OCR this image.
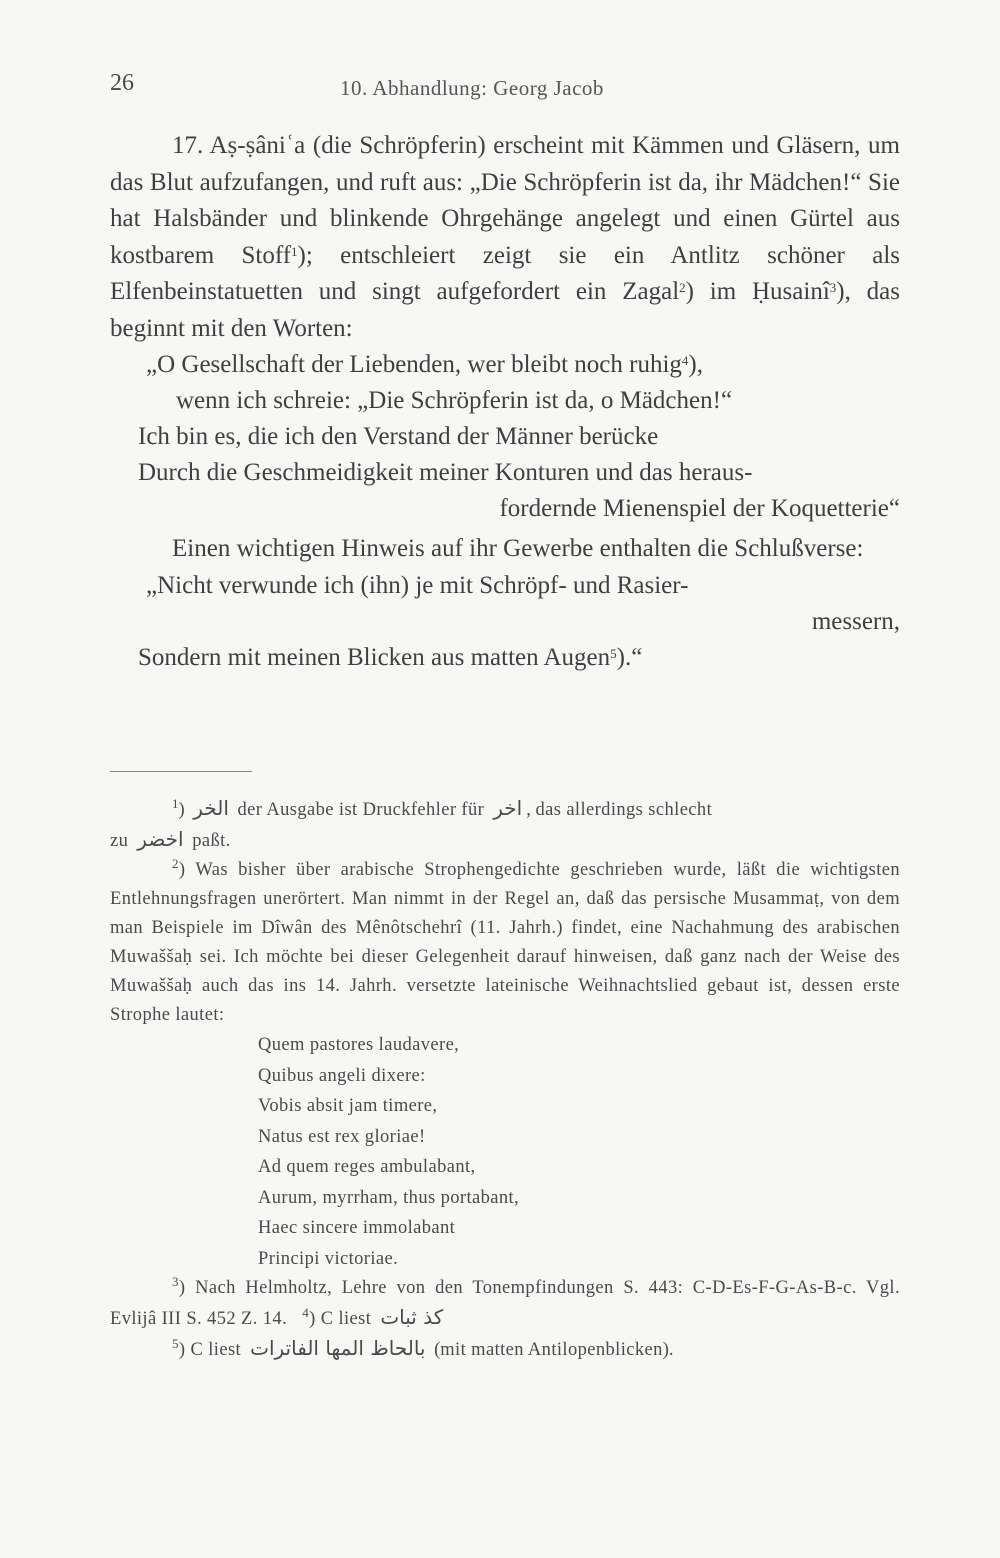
26	10. Abhandlung: Georg Jacob

17. Aṣ-ṣâniʿa (die Schröpferin) erscheint mit Kämmen und Gläsern, um das Blut aufzufangen, und ruft aus: „Die Schröpferin ist da, ihr Mädchen!“ Sie hat Halsbänder und blinkende Ohrgehänge angelegt und einen Gürtel aus kostbarem Stoff$^1$); entschleiert zeigt sie ein Antlitz schöner als Elfenbeinstatuetten und singt aufgefordert ein Zagal$^2$) im Ḥusainî$^3$), das beginnt mit den Worten:

„O Gesellschaft der Liebenden, wer bleibt noch ruhig$^4$),

wenn ich schreie: „Die Schröpferin ist da, o Mädchen!“

Ich bin es, die ich den Verstand der Männer berücke

Durch die Geschmeidigkeit meiner Konturen und das heraus-

fordernde Mienenspiel der Koquetterie“

Einen wichtigen Hinweis auf ihr Gewerbe enthalten die Schlußverse:

„Nicht verwunde ich (ihn) je mit Schröpf- und Rasier-

messern,

Sondern mit meinen Blicken aus matten Augen$^5$).“

$^1$) الخر der Ausgabe ist Druckfehler für اخر , das allerdings schlecht

zu اخضر paßt.

$^2$) Was bisher über arabische Strophengedichte geschrieben wurde, läßt die wichtigsten Entlehnungsfragen unerörtert. Man nimmt in der Regel an, daß das persische Musammaṭ, von dem man Beispiele im Dîwân des Mênôtschehrî (11. Jahrh.) findet, eine Nachahmung des arabischen Muwaššaḥ sei. Ich möchte bei dieser Gelegenheit darauf hinweisen, daß ganz nach der Weise des Muwaššaḥ auch das ins 14. Jahrh. versetzte lateinische Weihnachtslied gebaut ist, dessen erste Strophe lautet:

Quem pastores laudavere,
Quibus angeli dixere:
Vobis absit jam timere,
Natus est rex gloriae!
Ad quem reges ambulabant,
Aurum, myrrham, thus portabant,
Haec sincere immolabant
Principi victoriae.

$^3$) Nach Helmholtz, Lehre von den Tonempfindungen S. 443: C-D-Es-F-G-As-B-c. Vgl. Evlijâ III S. 452 Z. 14. $^4$) C liest كذ ثبات

$^5$) C liest بالحاظ المها الفاترات (mit matten Antilopenblicken).
